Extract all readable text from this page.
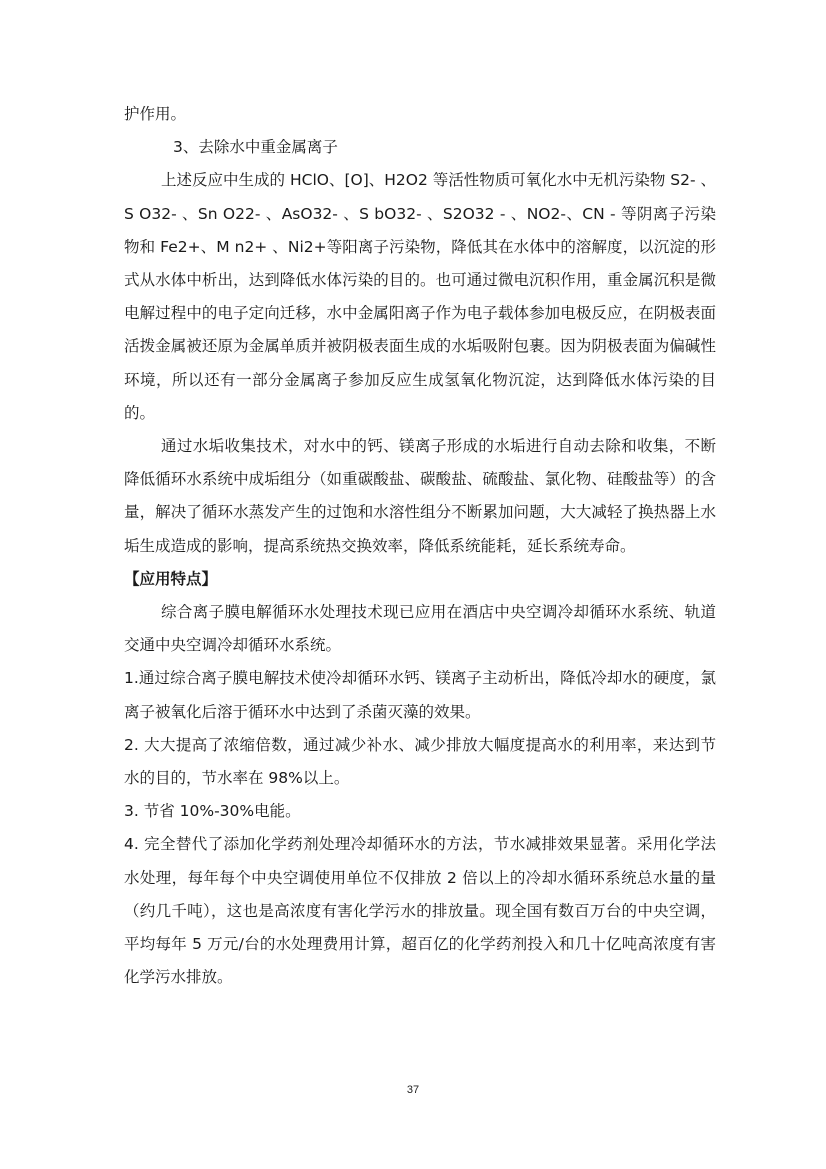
护作用。

3、去除水中重金属离子

上述反应中生成的 HClO、[O]、H2O2 等活性物质可氧化水中无机污染物 S2- 、S O32- 、Sn O22- 、AsO32- 、S bO32- 、S2O32 - 、NO2-、CN - 等阴离子污染物和 Fe2+、M n2+ 、Ni2+等阳离子污染物，降低其在水体中的溶解度，以沉淀的形式从水体中析出，达到降低水体污染的目的。也可通过微电沉积作用，重金属沉积是微电解过程中的电子定向迁移，水中金属阳离子作为电子载体参加电极反应，在阴极表面活拨金属被还原为金属单质并被阴极表面生成的水垢吸附包裹。因为阴极表面为偏碱性环境，所以还有一部分金属离子参加反应生成氢氧化物沉淀，达到降低水体污染的目的。

通过水垢收集技术，对水中的钙、镁离子形成的水垢进行自动去除和收集，不断降低循环水系统中成垢组分（如重碳酸盐、碳酸盐、硫酸盐、氯化物、硅酸盐等）的含量，解决了循环水蒸发产生的过饱和水溶性组分不断累加问题，大大减轻了换热器上水垢生成造成的影响，提高系统热交换效率，降低系统能耗，延长系统寿命。

【应用特点】

综合离子膜电解循环水处理技术现已应用在酒店中央空调冷却循环水系统、轨道交通中央空调冷却循环水系统。

1.通过综合离子膜电解技术使冷却循环水钙、镁离子主动析出，降低冷却水的硬度，氯离子被氧化后溶于循环水中达到了杀菌灭藻的效果。

2. 大大提高了浓缩倍数，通过减少补水、减少排放大幅度提高水的利用率，来达到节水的目的，节水率在 98%以上。

3. 节省 10%-30%电能。

4. 完全替代了添加化学药剂处理冷却循环水的方法，节水减排效果显著。采用化学法水处理，每年每个中央空调使用单位不仅排放 2 倍以上的冷却水循环系统总水量的量（约几千吨），这也是高浓度有害化学污水的排放量。现全国有数百万台的中央空调，平均每年 5 万元/台的水处理费用计算，超百亿的化学药剂投入和几十亿吨高浓度有害化学污水排放。

37
